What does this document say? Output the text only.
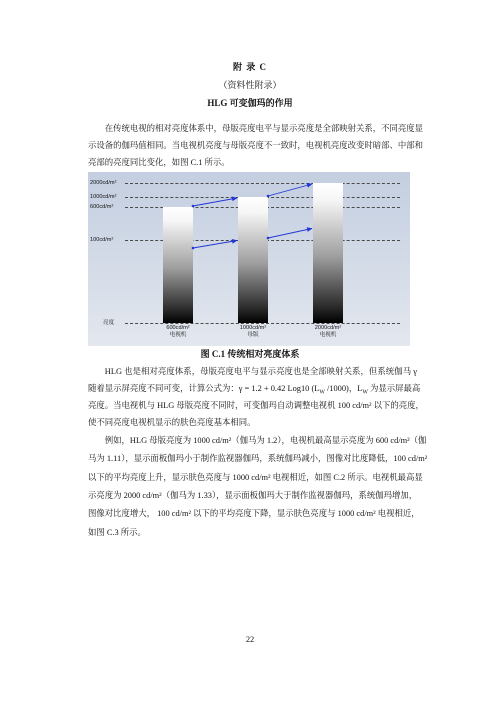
附 录 C
（资料性附录）
HLG 可变伽玛的作用
在传统电视的相对亮度体系中，母版亮度电平与显示亮度是全部映射关系，不同亮度显
示设备的伽玛值相同。当电视机亮度与母版亮度不一致时，电视机亮度改变时暗部、中部和
亮部的亮度同比变化，如图 C.1 所示。
2000cd/m²
1000cd/m²
600cd/m²
100cd/m²
亮度
600cd/m²
电视机
1000cd/m²
母版
2000cd/m²
电视机
图 C.1 传统相对亮度体系
HLG 也是相对亮度体系，母版亮度电平与显示亮度也是全部映射关系，但系统伽马 γ
随着显示屏亮度不同可变，计算公式为：γ = 1.2 + 0.42 Log10 ($L_W$ /1000)，$L_W$ 为显示屏最高
亮度。当电视机与 HLG 母版亮度不同时，可变伽玛自动调整电视机 100 cd/m² 以下的亮度，
使不同亮度电视机显示的肤色亮度基本相同。
例如，HLG 母版亮度为 1000 cd/m²（伽马为 1.2），电视机最高显示亮度为 600 cd/m²（伽
马为 1.11），显示面板伽玛小于制作监视器伽玛，系统伽玛减小，图像对比度降低，100 cd/m²
以下的平均亮度上升，显示肤色亮度与 1000 cd/m² 电视相近，如图 C.2 所示。电视机最高显
示亮度为 2000 cd/m²（伽马为 1.33），显示面板伽玛大于制作监视器伽玛，系统伽玛增加，
图像对比度增大， 100 cd/m² 以下的平均亮度下降，显示肤色亮度与 1000 cd/m² 电视相近，
如图 C.3 所示。
22
